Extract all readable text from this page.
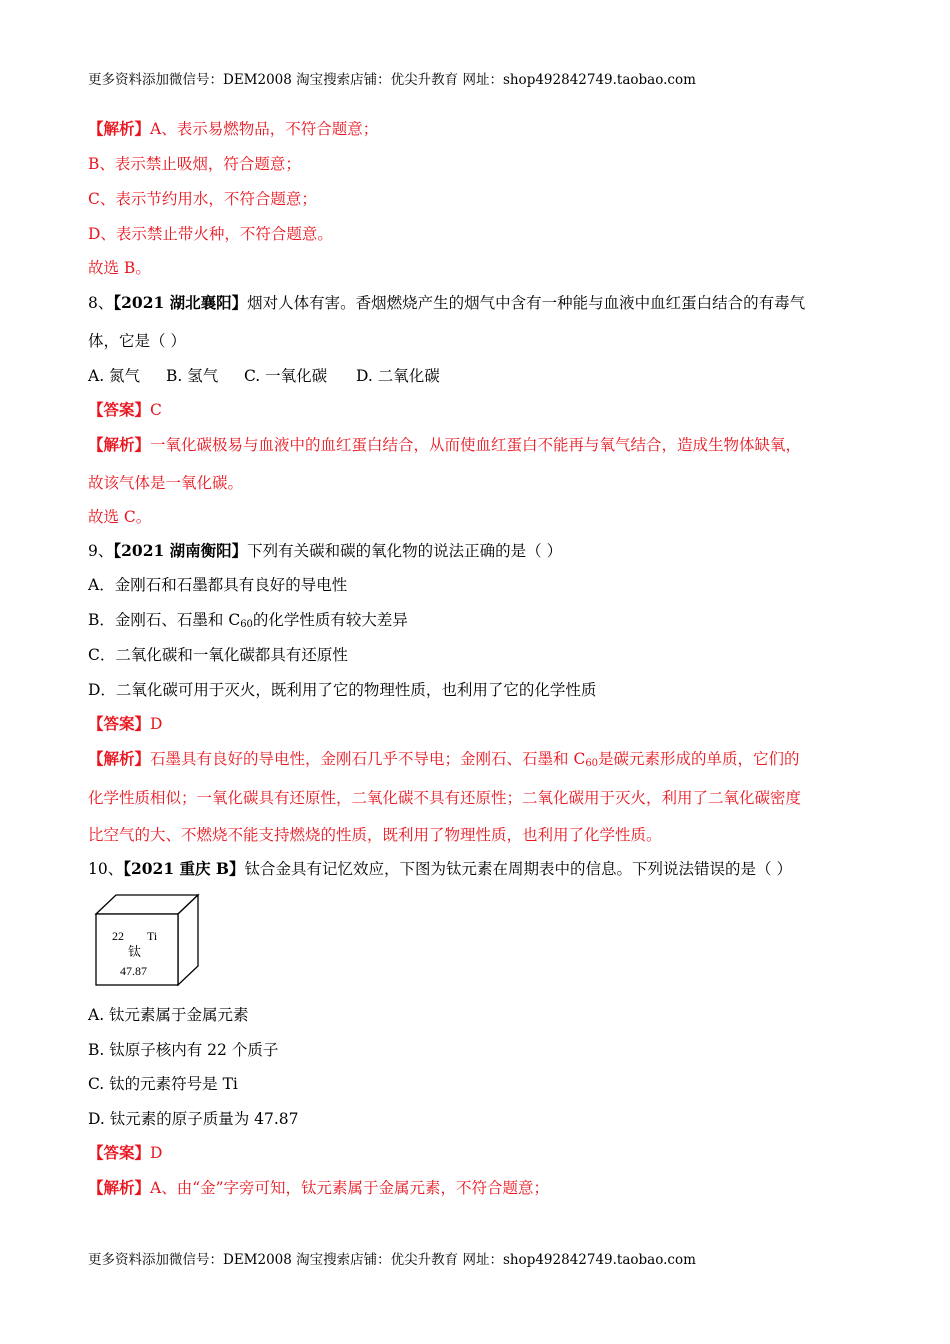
更多资料添加微信号：DEM2008 淘宝搜索店铺：优尖升教育 网址：shop492842749.taobao.com
【解析】A、表示易燃物品，不符合题意；
B、表示禁止吸烟，符合题意；
C、表示节约用水，不符合题意；
D、表示禁止带火种，不符合题意。
故选 B。
8、【2021 湖北襄阳】烟对人体有害。香烟燃烧产生的烟气中含有一种能与血液中血红蛋白结合的有毒气
体，它是（ ）
A. 氮气 B. 氢气 C. 一氧化碳 D. 二氧化碳
【答案】C
【解析】一氧化碳极易与血液中的血红蛋白结合，从而使血红蛋白不能再与氧气结合，造成生物体缺氧，
故该气体是一氧化碳。
故选 C。
9、【2021 湖南衡阳】下列有关碳和碳的氧化物的说法正确的是（ ）
A．金刚石和石墨都具有良好的导电性
B．金刚石、石墨和 $C_{60}$的化学性质有较大差异
C．二氧化碳和一氧化碳都具有还原性
D．二氧化碳可用于灭火，既利用了它的物理性质，也利用了它的化学性质
【答案】D
【解析】石墨具有良好的导电性，金刚石几乎不导电；金刚石、石墨和 $C_{60}$是碳元素形成的单质，它们的
化学性质相似；一氧化碳具有还原性，二氧化碳不具有还原性；二氧化碳用于灭火，利用了二氧化碳密度
比空气的大、不燃烧不能支持燃烧的性质，既利用了物理性质，也利用了化学性质。
10、【2021 重庆 B】钛合金具有记忆效应，下图为钛元素在周期表中的信息。下列说法错误的是（ ）
22 Ti
钛
47.87
A. 钛元素属于金属元素
B. 钛原子核内有 22 个质子
C. 钛的元素符号是 Ti
D. 钛元素的原子质量为 47.87
【答案】D
【解析】A、由“金”字旁可知，钛元素属于金属元素，不符合题意；
更多资料添加微信号：DEM2008 淘宝搜索店铺：优尖升教育 网址：shop492842749.taobao.com
